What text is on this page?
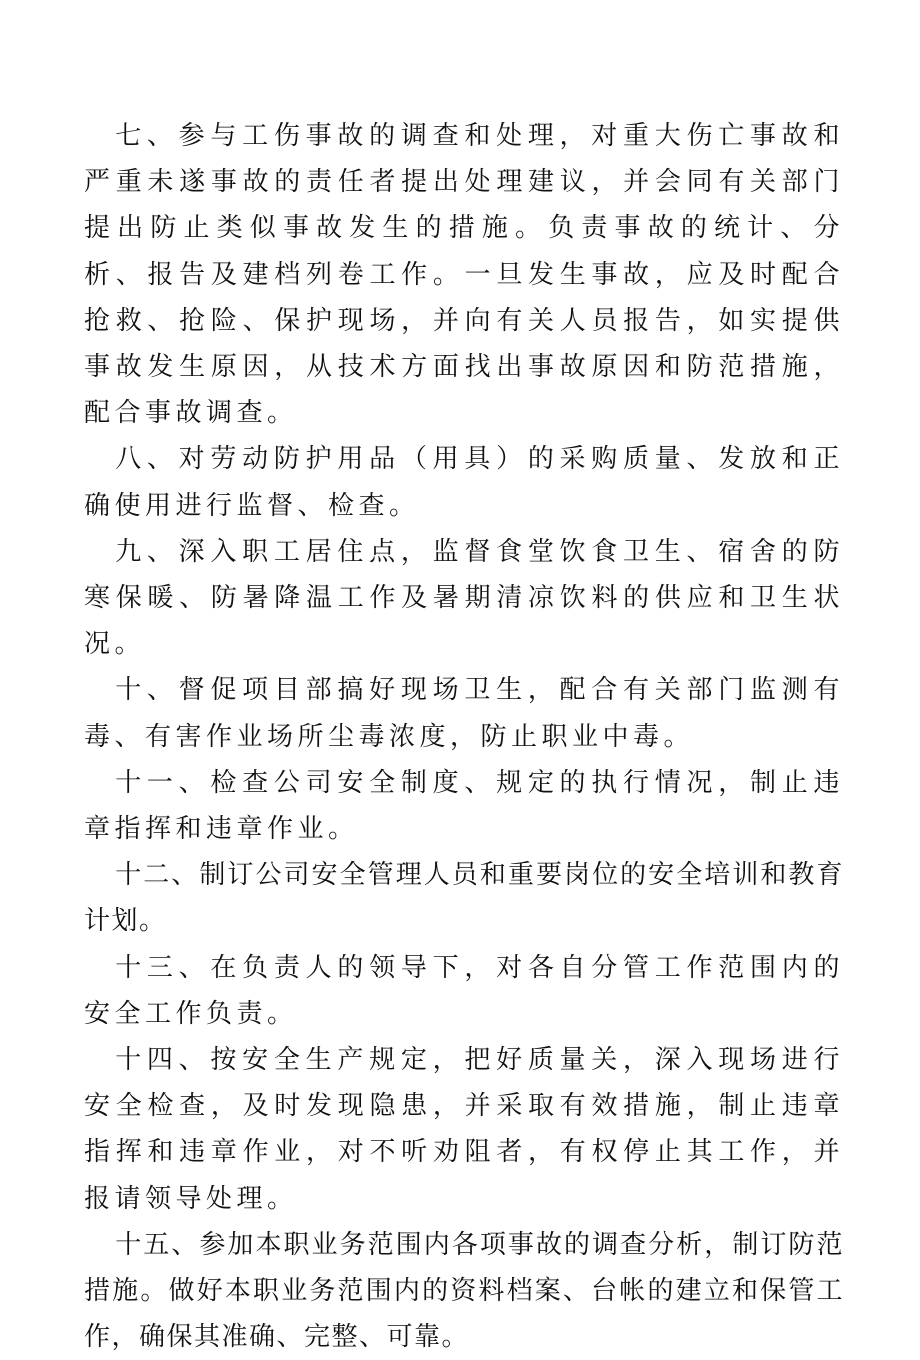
七、参与工伤事故的调查和处理，对重大伤亡事故和严重未遂事故的责任者提出处理建议，并会同有关部门提出防止类似事故发生的措施。负责事故的统计、分析、报告及建档列卷工作。一旦发生事故，应及时配合抢救、抢险、保护现场，并向有关人员报告，如实提供事故发生原因，从技术方面找出事故原因和防范措施，配合事故调查。

八、对劳动防护用品（用具）的采购质量、发放和正确使用进行监督、检查。

九、深入职工居住点，监督食堂饮食卫生、宿舍的防寒保暖、防暑降温工作及暑期清凉饮料的供应和卫生状况。

十、督促项目部搞好现场卫生，配合有关部门监测有毒、有害作业场所尘毒浓度，防止职业中毒。

十一、检查公司安全制度、规定的执行情况，制止违章指挥和违章作业。

十二、制订公司安全管理人员和重要岗位的安全培训和教育计划。

十三、在负责人的领导下，对各自分管工作范围内的安全工作负责。

十四、按安全生产规定，把好质量关，深入现场进行安全检查，及时发现隐患，并采取有效措施，制止违章指挥和违章作业，对不听劝阻者，有权停止其工作，并报请领导处理。

十五、参加本职业务范围内各项事故的调查分析，制订防范措施。做好本职业务范围内的资料档案、台帐的建立和保管工作，确保其准确、完整、可靠。
